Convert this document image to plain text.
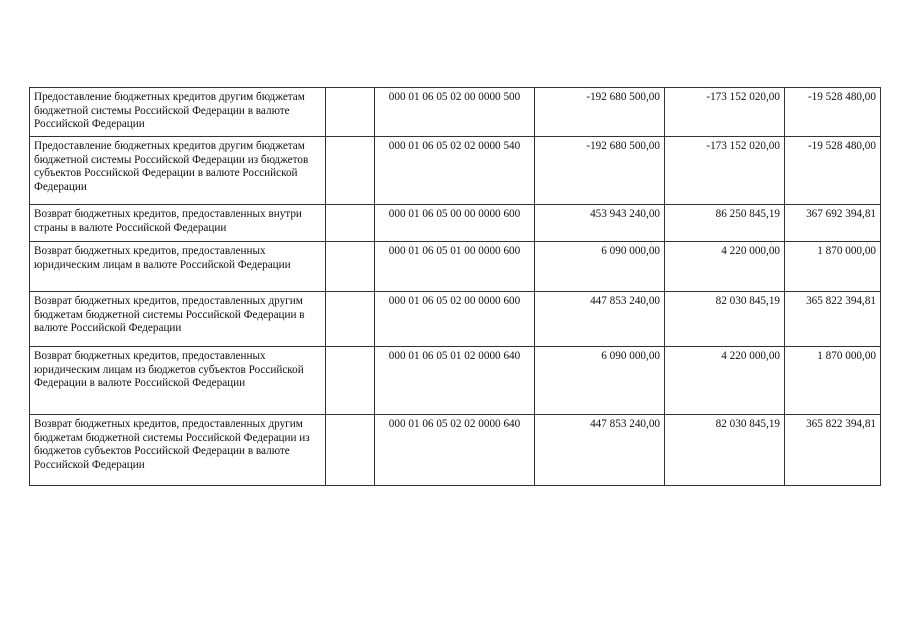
Предоставление бюджетных кредитов другим бюджетам бюджетной системы Российской Федерации в валюте Российской Федерации		000 01 06 05 02 00 0000 500	-192 680 500,00	-173 152 020,00	-19 528 480,00
Предоставление бюджетных кредитов другим бюджетам бюджетной системы Российской Федерации из бюджетов субъектов Российской Федерации в валюте Российской Федерации		000 01 06 05 02 02 0000 540	-192 680 500,00	-173 152 020,00	-19 528 480,00
Возврат бюджетных кредитов, предоставленных внутри страны в валюте Российской Федерации		000 01 06 05 00 00 0000 600	453 943 240,00	86 250 845,19	367 692 394,81
Возврат бюджетных кредитов, предоставленных юридическим лицам в валюте Российской Федерации		000 01 06 05 01 00 0000 600	6 090 000,00	4 220 000,00	1 870 000,00
Возврат бюджетных кредитов, предоставленных другим бюджетам бюджетной системы Российской Федерации в валюте Российской Федерации		000 01 06 05 02 00 0000 600	447 853 240,00	82 030 845,19	365 822 394,81
Возврат бюджетных кредитов, предоставленных юридическим лицам из бюджетов субъектов Российской Федерации в валюте Российской Федерации		000 01 06 05 01 02 0000 640	6 090 000,00	4 220 000,00	1 870 000,00
Возврат бюджетных кредитов, предоставленных другим бюджетам бюджетной системы Российской Федерации из бюджетов субъектов Российской Федерации в валюте Российской Федерации		000 01 06 05 02 02 0000 640	447 853 240,00	82 030 845,19	365 822 394,81
